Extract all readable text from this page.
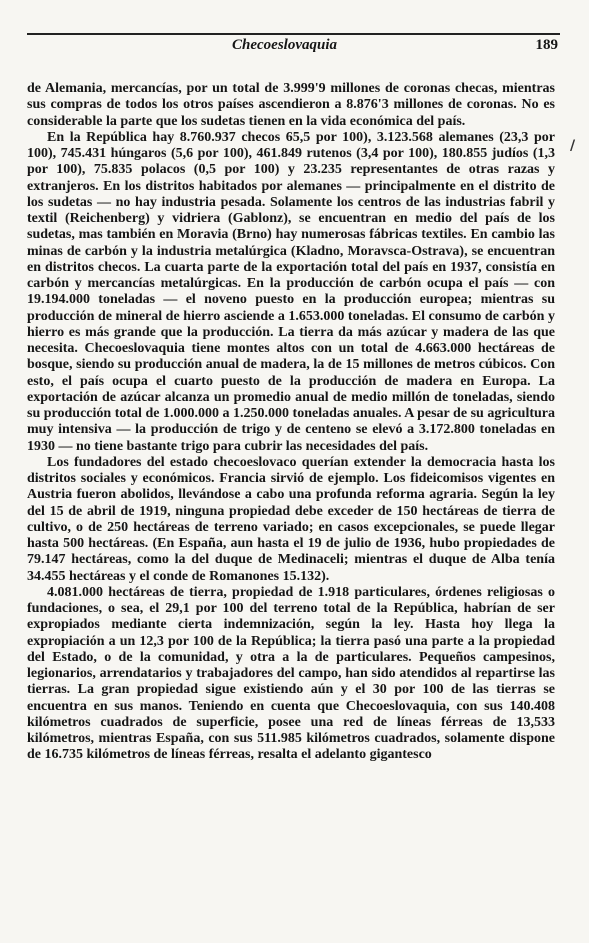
Checoeslovaquia	189
/

de Alemania, mercancías, por un total de 3.999'9 millones de coronas checas, mientras sus compras de todos los otros países ascendieron a 8.876'3 millones de coronas. No es considerable la parte que los sudetas tienen en la vida económica del país.

En la República hay 8.760.937 checos 65,5 por 100), 3.123.568 alemanes (23,3 por 100), 745.431 húngaros (5,6 por 100), 461.849 rutenos (3,4 por 100), 180.855 judíos (1,3 por 100), 75.835 polacos (0,5 por 100) y 23.235 representantes de otras razas y extranjeros. En los distritos habitados por alemanes — principalmente en el distrito de los sudetas — no hay industria pesada. Solamente los centros de las industrias fabril y textil (Reichenberg) y vidriera (Gablonz), se encuentran en medio del país de los sudetas, mas también en Moravia (Brno) hay numerosas fábricas textiles. En cambio las minas de carbón y la industria metalúrgica (Kladno, Moravsca-Ostrava), se encuentran en distritos checos. La cuarta parte de la exportación total del país en 1937, consistía en carbón y mercancías metalúrgicas. En la producción de carbón ocupa el país — con 19.194.000 toneladas — el noveno puesto en la producción europea; mientras su producción de mineral de hierro asciende a 1.653.000 toneladas. El consumo de carbón y hierro es más grande que la producción. La tierra da más azúcar y madera de las que necesita. Checoeslovaquia tiene montes altos con un total de 4.663.000 hectáreas de bosque, siendo su producción anual de madera, la de 15 millones de metros cúbicos. Con esto, el país ocupa el cuarto puesto de la producción de madera en Europa. La exportación de azúcar alcanza un promedio anual de medio millón de toneladas, siendo su producción total de 1.000.000 a 1.250.000 toneladas anuales. A pesar de su agricultura muy intensiva — la producción de trigo y de centeno se elevó a 3.172.800 toneladas en 1930 — no tiene bastante trigo para cubrir las necesidades del país.

Los fundadores del estado checoeslovaco querían extender la democracia hasta los distritos sociales y económicos. Francia sirvió de ejemplo. Los fideicomisos vigentes en Austria fueron abolidos, llevándose a cabo una profunda reforma agraria. Según la ley del 15 de abril de 1919, ninguna propiedad debe exceder de 150 hectáreas de tierra de cultivo, o de 250 hectáreas de terreno variado; en casos excepcionales, se puede llegar hasta 500 hectáreas. (En España, aun hasta el 19 de julio de 1936, hubo propiedades de 79.147 hectáreas, como la del duque de Medinaceli; mientras el duque de Alba tenía 34.455 hectáreas y el conde de Romanones 15.132).

4.081.000 hectáreas de tierra, propiedad de 1.918 particulares, órdenes religiosas o fundaciones, o sea, el 29,1 por 100 del terreno total de la República, habrían de ser expropiados mediante cierta indemnización, según la ley. Hasta hoy llega la expropiación a un 12,3 por 100 de la República; la tierra pasó una parte a la propiedad del Estado, o de la comunidad, y otra a la de particulares. Pequeños campesinos, legionarios, arrendatarios y trabajadores del campo, han sido atendidos al repartirse las tierras. La gran propiedad sigue existiendo aún y el 30 por 100 de las tierras se encuentra en sus manos. Teniendo en cuenta que Checoeslovaquia, con sus 140.408 kilómetros cuadrados de superficie, posee una red de líneas férreas de 13,533 kilómetros, mientras España, con sus 511.985 kilómetros cuadrados, solamente dispone de 16.735 kilómetros de líneas férreas, resalta el adelanto gigantesco
